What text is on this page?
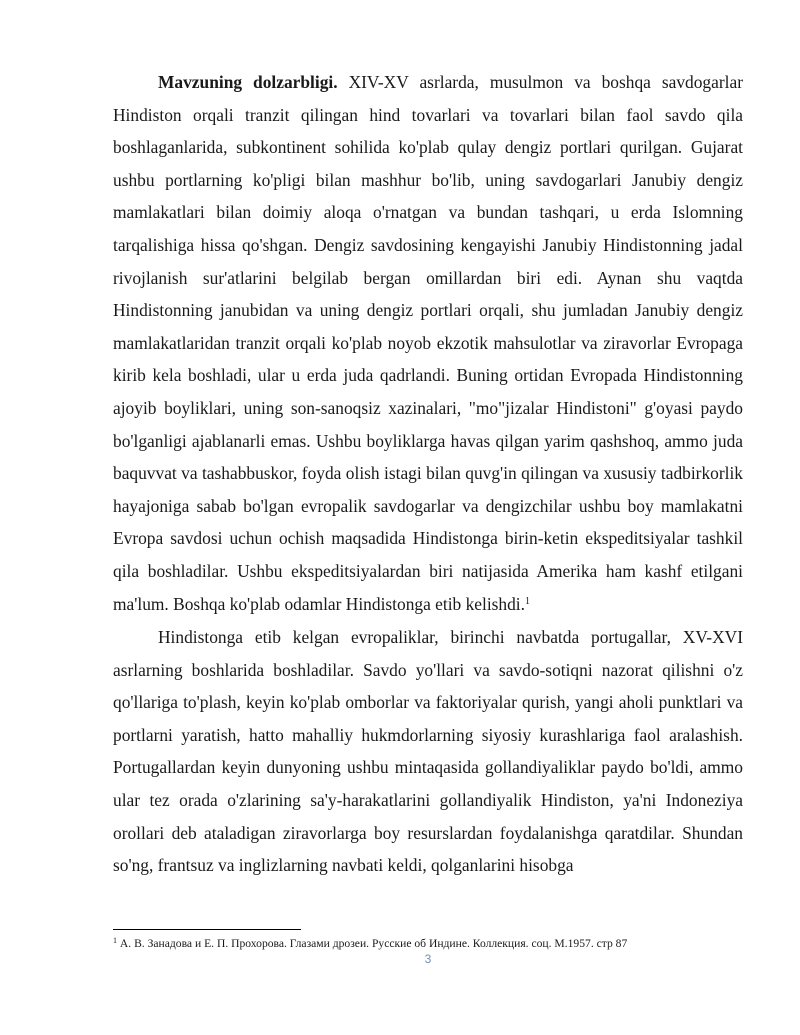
Mavzuning dolzarbligi. XIV-XV asrlarda, musulmon va boshqa savdogarlar Hindiston orqali tranzit qilingan hind tovarlari va tovarlari bilan faol savdo qila boshlaganlarida, subkontinent sohilida ko'plab qulay dengiz portlari qurilgan. Gujarat ushbu portlarning ko'pligi bilan mashhur bo'lib, uning savdogarlari Janubiy dengiz mamlakatlari bilan doimiy aloqa o'rnatgan va bundan tashqari, u erda Islomning tarqalishiga hissa qo'shgan. Dengiz savdosining kengayishi Janubiy Hindistonning jadal rivojlanish sur'atlarini belgilab bergan omillardan biri edi. Aynan shu vaqtda Hindistonning janubidan va uning dengiz portlari orqali, shu jumladan Janubiy dengiz mamlakatlaridan tranzit orqali ko'plab noyob ekzotik mahsulotlar va ziravorlar Evropaga kirib kela boshladi, ular u erda juda qadrlandi. Buning ortidan Evropada Hindistonning ajoyib boyliklari, uning son-sanoqsiz xazinalari, "mo"jizalar Hindistoni" g'oyasi paydo bo'lganligi ajablanarli emas. Ushbu boyliklarga havas qilgan yarim qashshoq, ammo juda baquvvat va tashabbuskor, foyda olish istagi bilan quvg'in qilingan va xususiy tadbirkorlik hayajoniga sabab bo'lgan evropalik savdogarlar va dengizchilar ushbu boy mamlakatni Evropa savdosi uchun ochish maqsadida Hindistonga birin-ketin ekspeditsiyalar tashkil qila boshladilar. Ushbu ekspeditsiyalardan biri natijasida Amerika ham kashf etilgani ma'lum. Boshqa ko'plab odamlar Hindistonga etib kelishdi.$^1$

Hindistonga etib kelgan evropaliklar, birinchi navbatda portugallar, XV-XVI asrlarning boshlarida boshladilar. Savdo yo'llari va savdo-sotiqni nazorat qilishni o'z qo'llariga to'plash, keyin ko'plab omborlar va faktoriyalar qurish, yangi aholi punktlari va portlarni yaratish, hatto mahalliy hukmdorlarning siyosiy kurashlariga faol aralashish. Portugallardan keyin dunyoning ushbu mintaqasida gollandiyaliklar paydo bo'ldi, ammo ular tez orada o'zlarining sa'y-harakatlarini gollandiyalik Hindiston, ya'ni Indoneziya orollari deb ataladigan ziravorlarga boy resurslardan foydalanishga qaratdilar. Shundan so'ng, frantsuz va inglizlarning navbati keldi, qolganlarini hisobga

$^1$ А. В. Занадова и Е. П. Прохорова. Глазами дрозеи. Русские об Индине. Коллекция. соц. М.1957. стр 87
3
